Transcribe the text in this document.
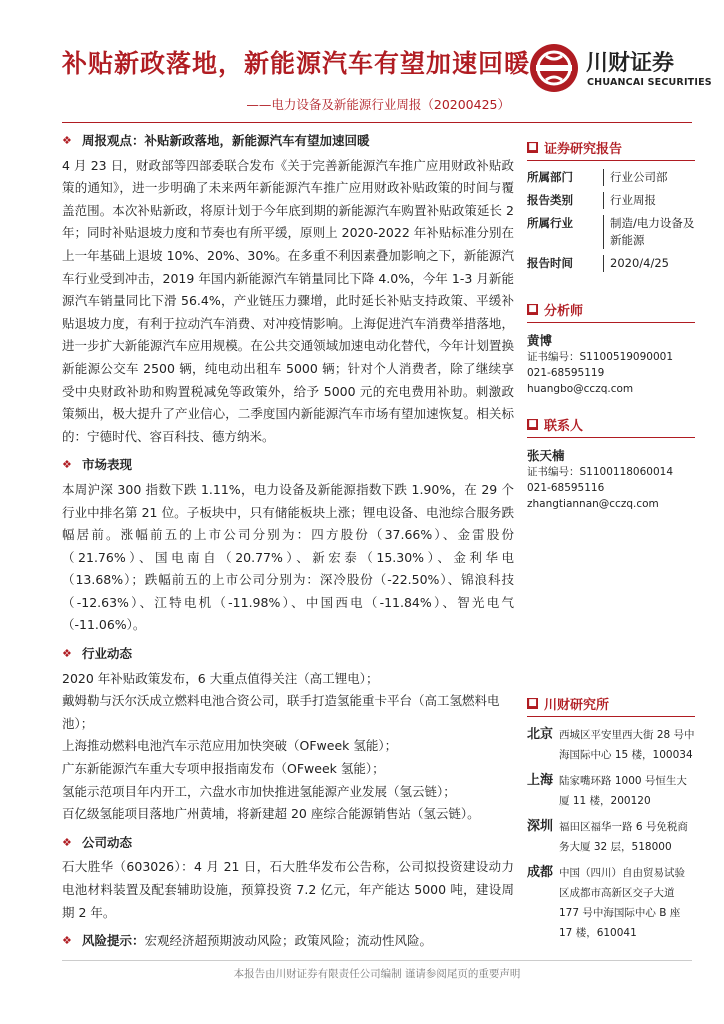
补贴新政落地，新能源汽车有望加速回暖
——电力设备及新能源行业周报（20200425）
川财证券
CHUANCAI SECURITIES
❖ 周报观点：补贴新政落地，新能源汽车有望加速回暖
4 月 23 日，财政部等四部委联合发布《关于完善新能源汽车推广应用财政补贴政策的通知》，进一步明确了未来两年新能源汽车推广应用财政补贴政策的时间与覆盖范围。本次补贴新政，将原计划于今年底到期的新能源汽车购置补贴政策延长 2 年；同时补贴退坡力度和节奏也有所平缓，原则上 2020-2022 年补贴标准分别在上一年基础上退坡 10%、20%、30%。在多重不利因素叠加影响之下，新能源汽车行业受到冲击，2019 年国内新能源汽车销量同比下降 4.0%，今年 1-3 月新能源汽车销量同比下滑 56.4%，产业链压力骤增，此时延长补贴支持政策、平缓补贴退坡力度，有利于拉动汽车消费、对冲疫情影响。上海促进汽车消费举措落地，进一步扩大新能源汽车应用规模。在公共交通领域加速电动化替代，今年计划置换新能源公交车 2500 辆，纯电动出租车 5000 辆；针对个人消费者，除了继续享受中央财政补助和购置税减免等政策外，给予 5000 元的充电费用补助。刺激政策频出，极大提升了产业信心，二季度国内新能源汽车市场有望加速恢复。相关标的：宁德时代、容百科技、德方纳米。
❖ 市场表现
本周沪深 300 指数下跌 1.11%，电力设备及新能源指数下跌 1.90%，在 29 个行业中排名第 21 位。子板块中，只有储能板块上涨；锂电设备、电池综合服务跌幅居前。涨幅前五的上市公司分别为：四方股份（37.66%）、金雷股份（21.76%）、国电南自（20.77%）、新宏泰（15.30%）、金利华电（13.68%）；跌幅前五的上市公司分别为：深冷股份（-22.50%）、锦浪科技（-12.63%）、江特电机（-11.98%）、中国西电（-11.84%）、智光电气（-11.06%）。
❖ 行业动态

2020 年补贴政策发布，6 大重点值得关注（高工锂电）；

戴姆勒与沃尔沃成立燃料电池合资公司，联手打造氢能重卡平台（高工氢燃料电池）；

上海推动燃料电池汽车示范应用加快突破（OFweek 氢能）；

广东新能源汽车重大专项申报指南发布（OFweek 氢能）；

氢能示范项目年内开工，六盘水市加快推进氢能源产业发展（氢云链）；

百亿级氢能项目落地广州黄埔，将新建超 20 座综合能源销售站（氢云链）。

❖ 公司动态
石大胜华（603026）：4 月 21 日，石大胜华发布公告称，公司拟投资建设动力电池材料装置及配套辅助设施，预算投资 7.2 亿元，年产能达 5000 吨，建设周期 2 年。
❖ 风险提示： 宏观经济超预期波动风险；政策风险；流动性风险。
■ 证券研究报告
所属部门	行业公司部
报告类别	行业周报
所属行业	制造/电力设备及新能源
报告时间	2020/4/25
■ 分析师
黄博
证书编号：S1100519090001
021-68595119
huangbo@cczq.com
■ 联系人
张天楠
证书编号：S1100118060014
021-68595116
zhangtiannan@cczq.com
■ 川财研究所
北京 西城区平安里西大街 28 号中海国际中心 15 楼，100034
上海 陆家嘴环路 1000 号恒生大厦 11 楼，200120
深圳 福田区福华一路 6 号免税商务大厦 32 层，518000
成都 中国（四川）自由贸易试验区成都市高新区交子大道 177 号中海国际中心 B 座 17 楼，610041
本报告由川财证券有限责任公司编制 谨请参阅尾页的重要声明
